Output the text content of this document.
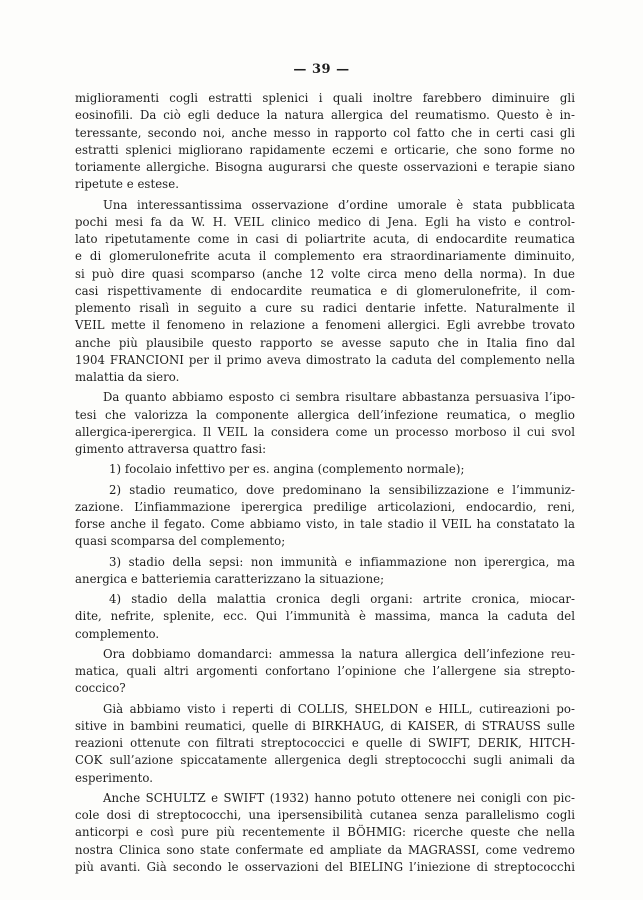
— 39 —
miglioramenti cogli estratti splenici i quali inoltre farebbero diminuire gli
eosinofili. Da ciò egli deduce la natura allergica del reumatismo. Questo è in-
teressante, secondo noi, anche messo in rapporto col fatto che in certi casi gli
estratti splenici migliorano rapidamente eczemi e orticarie, che sono forme no
toriamente allergiche. Bisogna augurarsi che queste osservazioni e terapie siano
ripetute e estese.
Una interessantissima osservazione d’ordine umorale è stata pubblicata
pochi mesi fa da W. H. VEIL clinico medico di Jena. Egli ha visto e control-
lato ripetutamente come in casi di poliartrite acuta, di endocardite reumatica
e di glomerulonefrite acuta il complemento era straordinariamente diminuito,
si può dire quasi scomparso (anche 12 volte circa meno della norma). In due
casi rispettivamente di endocardite reumatica e di glomerulonefrite, il com-
plemento risalì in seguito a cure su radici dentarie infette. Naturalmente il
VEIL mette il fenomeno in relazione a fenomeni allergici. Egli avrebbe trovato
anche più plausibile questo rapporto se avesse saputo che in Italia fino dal
1904 FRANCIONI per il primo aveva dimostrato la caduta del complemento nella
malattia da siero.
Da quanto abbiamo esposto ci sembra risultare abbastanza persuasiva l’ipo-
tesi che valorizza la componente allergica dell’infezione reumatica, o meglio
allergica-iperergica. Il VEIL la considera come un processo morboso il cui svol
gimento attraversa quattro fasi:
1) focolaio infettivo per es. angina (complemento normale);
2) stadio reumatico, dove predominano la sensibilizzazione e l’immuniz-
zazione. L’infiammazione iperergica predilige articolazioni, endocardio, reni,
forse anche il fegato. Come abbiamo visto, in tale stadio il VEIL ha constatato la
quasi scomparsa del complemento;
3) stadio della sepsi: non immunità e infiammazione non iperergica, ma
anergica e batteriemia caratterizzano la situazione;
4) stadio della malattia cronica degli organi: artrite cronica, miocar-
dite, nefrite, splenite, ecc. Qui l’immunità è massima, manca la caduta del
complemento.
Ora dobbiamo domandarci: ammessa la natura allergica dell’infezione reu-
matica, quali altri argomenti confortano l’opinione che l’allergene sia strepto-
coccico?
Già abbiamo visto i reperti di COLLIS, SHELDON e HILL, cutireazioni po-
sitive in bambini reumatici, quelle di BIRKHAUG, di KAISER, di STRAUSS sulle
reazioni ottenute con filtrati streptococcici e quelle di SWIFT, DERIK, HITCH-
COK sull’azione spiccatamente allergenica degli streptococchi sugli animali da
esperimento.
Anche SCHULTZ e SWIFT (1932) hanno potuto ottenere nei conigli con pic-
cole dosi di streptococchi, una ipersensibilità cutanea senza parallelismo cogli
anticorpi e così pure più recentemente il BÖHMIG: ricerche queste che nella
nostra Clinica sono state confermate ed ampliate da MAGRASSI, come vedremo
più avanti. Già secondo le osservazioni del BIELING l’iniezione di streptococchi
